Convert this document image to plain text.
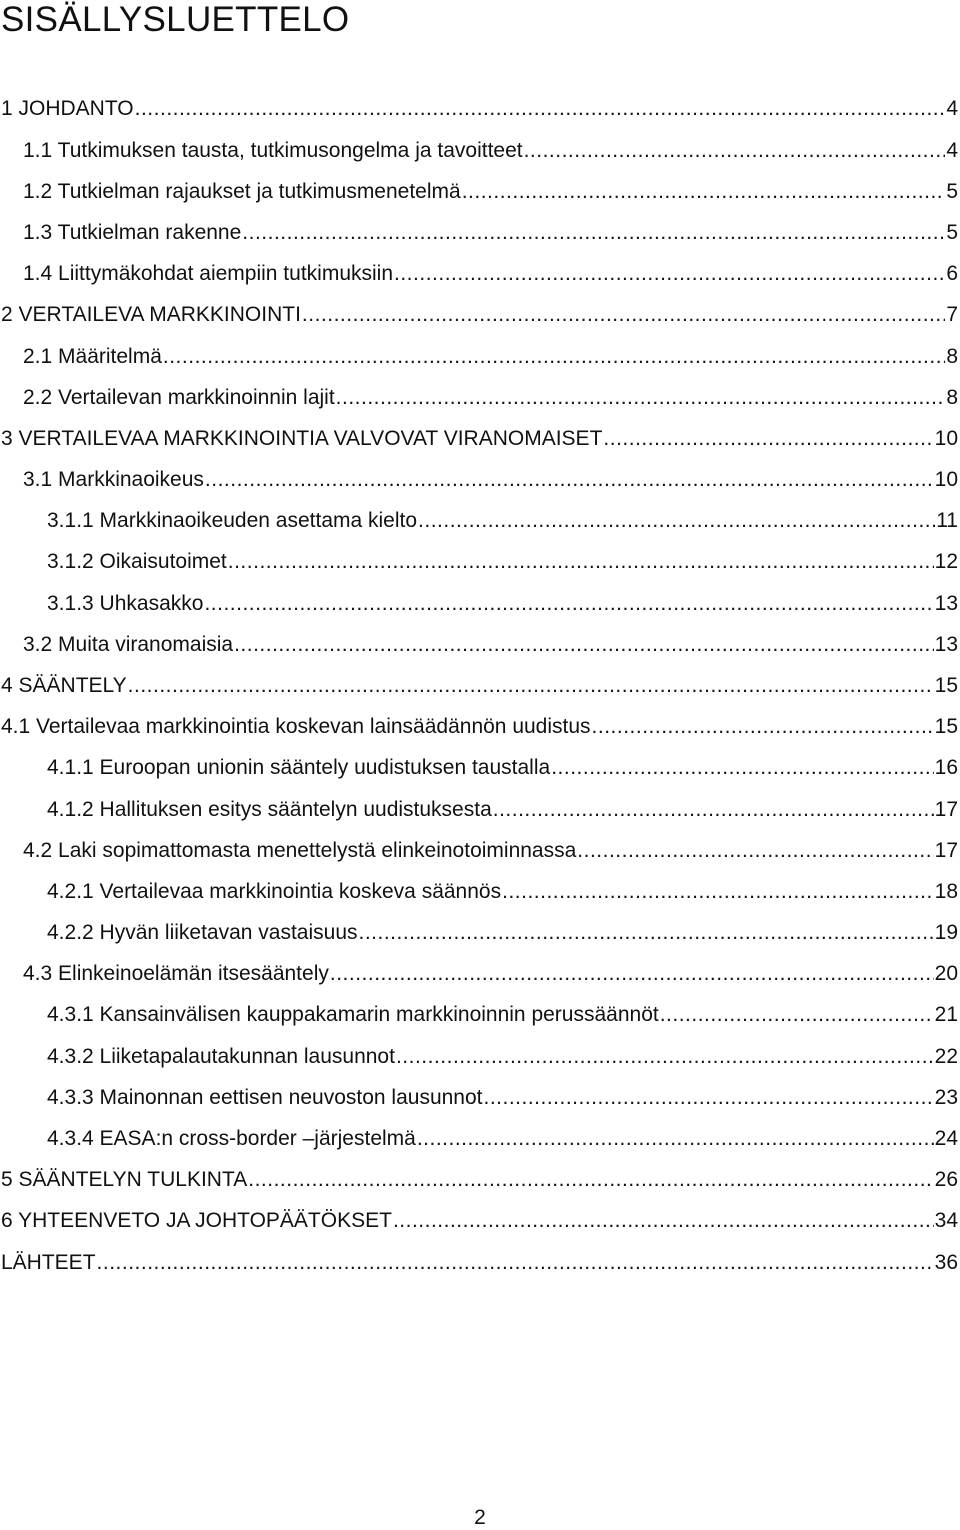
SISÄLLYSLUETTELO
1 JOHDANTO .....	4
1.1 Tutkimuksen tausta, tutkimusongelma ja tavoitteet .....	4
1.2 Tutkielman rajaukset ja tutkimusmenetelmä .....	5
1.3 Tutkielman rakenne .....	5
1.4 Liittymäkohdat aiempiin tutkimuksiin .....	6
2 VERTAILEVA MARKKINOINTI .....	7
2.1 Määritelmä .....	8
2.2 Vertailevan markkinoinnin lajit .....	8
3 VERTAILEVAA MARKKINOINTIA VALVOVAT VIRANOMAISET .....	10
3.1 Markkinaoikeus .....	10
3.1.1 Markkinaoikeuden asettama kielto .....	11
3.1.2 Oikaisutoimet .....	12
3.1.3 Uhkasakko .....	13
3.2 Muita viranomaisia .....	13
4 SÄÄNTELY .....	15
4.1 Vertailevaa markkinointia koskevan lainsäädännön uudistus .....	15
4.1.1 Euroopan unionin sääntely uudistuksen taustalla .....	16
4.1.2 Hallituksen esitys sääntelyn uudistuksesta .....	17
4.2 Laki sopimattomasta menettelystä elinkeinotoiminnassa .....	17
4.2.1 Vertailevaa markkinointia koskeva säännös .....	18
4.2.2 Hyvän liiketavan vastaisuus .....	19
4.3 Elinkeinoelämän itsesääntely .....	20
4.3.1 Kansainvälisen kauppakamarin markkinoinnin perussäännöt .....	21
4.3.2 Liiketapalautakunnan lausunnot .....	22
4.3.3 Mainonnan eettisen neuvoston lausunnot .....	23
4.3.4 EASA:n cross-border –järjestelmä .....	24
5 SÄÄNTELYN TULKINTA .....	26
6 YHTEENVETO JA JOHTOPÄÄTÖKSET .....	34
LÄHTEET .....	36
2
